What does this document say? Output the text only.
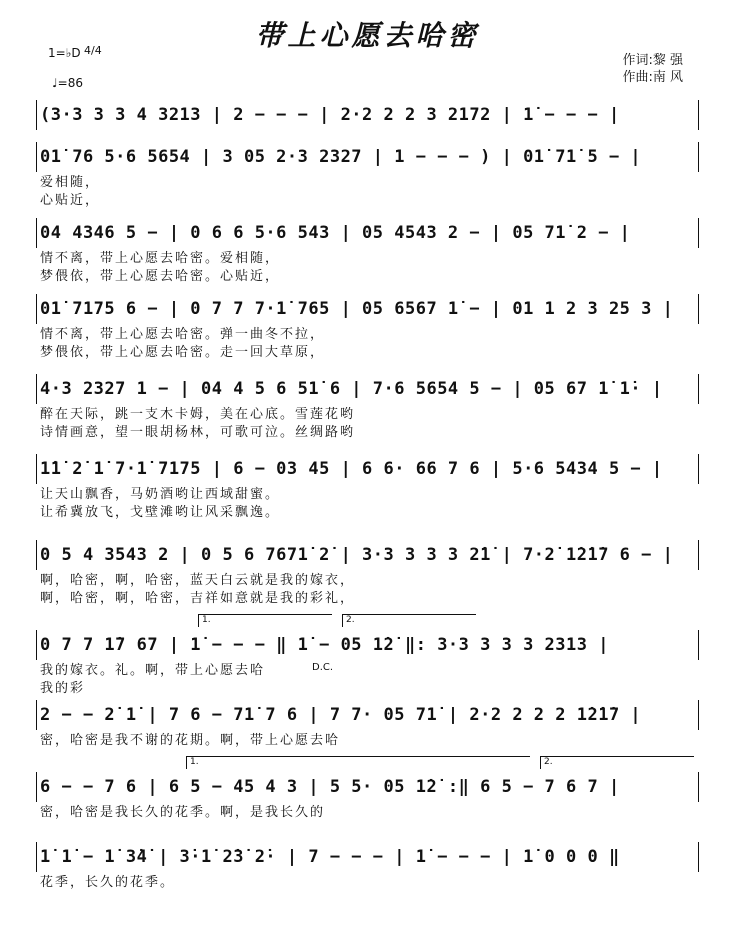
带上心愿去哈密
1=♭D 4/4
♩=86
作词:黎 强
作曲:南 风
(3·3 3 3 4 3213 | 2 − − − | 2·2 2 2 3 2172 | 1̇ − − − |
01̇ 76 5·6 5654 | 3 05 2·3 2327 | 1 − − − ) | 01̇ 71̇ 5 − |
爱相随，
心贴近，
04 4346 5 − | 0 6 6 5·6 543 | 05 4543 2 − | 05 71̇ 2 − |
情不离，带上心愿去哈密。爱相随，
梦偎依，带上心愿去哈密。心贴近，
01̇ 7175 6 − | 0 7 7 7·1̇ 765 | 05 6567 1̇ − | 01 1 2 3 25 3 |
情不离，带上心愿去哈密。弹一曲冬不拉，
梦偎依，带上心愿去哈密。走一回大草原，
4·3 2327 1 − | 04 4 5 6 51̇ 6 | 7·6 5654 5 − | 05 67 1̇ 1̇· |
醉在天际，跳一支木卡姆，美在心底。雪莲花哟
诗情画意，望一眼胡杨林，可歌可泣。丝绸路哟
1̇1̇ 2̇ 1̇ 7·1̇ 7175 | 6 − 03 45 | 6 6· 66 7 6 | 5·6 5434 5 − |
让天山飘香，马奶酒哟让西域甜蜜。
让希冀放飞，戈壁滩哟让风采飘逸。
0 5 4 3543 2 | 0 5 6 7671̇ 2̇ | 3·3 3 3 3 2̇1̇ | 7·2̇ 1̇2̇1̇7 6 − |
啊，哈密，啊，哈密，蓝天白云就是我的嫁衣，
啊，哈密，啊，哈密，吉祥如意就是我的彩礼，
0 7 7 1̇7 67 | 1̇ − − − ‖ 1̇ − 05 1̇2̇ ‖: 3·3 3 3 3 2313 |
我的嫁衣。礼。啊，带上心愿去哈
我的彩
1.	2.
D.C.
2 − − 2̇ 1̇ | 7 6 − 71̇ 7 6 | 7 7· 05 71̇ | 2·2 2 2 2 1̇2̇1̇7 |
密，哈密是我不谢的花期。啊，带上心愿去哈
6 − − 7 6 | 6 5 − 45 4 3 | 5 5· 05 1̇2̇ :‖ 6 5 − 7 6 7 |
密，哈密是我长久的花季。啊，是我长久的
1.	2.
1̇ 1̇ − 1̇ 3̇4̇ | 3̇·1̇ 2̇3̇ 2̇· | 7 − − − | 1̇ − − − | 1̇ 0 0 0 ‖
花季，长久的花季。
